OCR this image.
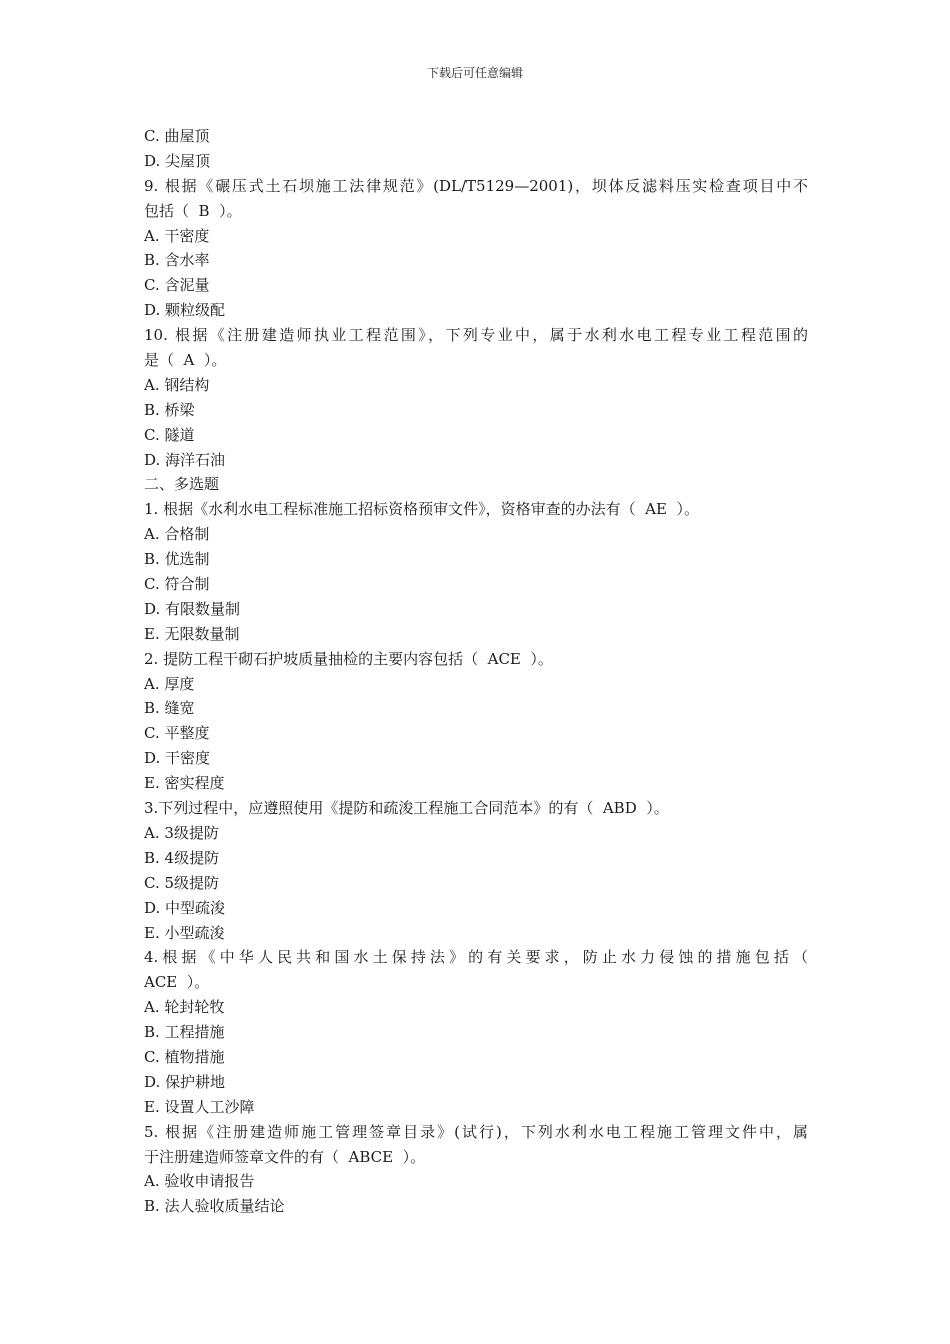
下载后可任意编辑
C. 曲屋顶
D. 尖屋顶
9. 根据《碾压式土石坝施工法律规范》(DL/T5129—2001)，坝体反滤料压实检查项目中不
包括（  B  ）。
A. 干密度
B. 含水率
C. 含泥量
D. 颗粒级配
10. 根据《注册建造师执业工程范围》，下列专业中，属于水利水电工程专业工程范围的
是（  A  ）。
A. 钢结构
B. 桥梁
C. 隧道
D. 海洋石油
二、多选题
1. 根据《水利水电工程标准施工招标资格预审文件》，资格审查的办法有（  AE  ）。
A. 合格制
B. 优选制
C. 符合制
D. 有限数量制
E. 无限数量制
2. 提防工程干砌石护坡质量抽检的主要内容包括（  ACE  ）。
A. 厚度
B. 缝宽
C. 平整度
D. 干密度
E. 密实程度
3.下列过程中，应遵照使用《提防和疏浚工程施工合同范本》的有（  ABD  ）。
A. 3级提防
B. 4级提防
C. 5级提防
D. 中型疏浚
E. 小型疏浚
4.根据《中华人民共和国水土保持法》的有关要求，防止水力侵蚀的措施包括（
ACE  ）。
A. 轮封轮牧
B. 工程措施
C. 植物措施
D. 保护耕地
E. 设置人工沙障
5. 根据《注册建造师施工管理签章目录》(试行)，下列水利水电工程施工管理文件中，属
于注册建造师签章文件的有（  ABCE  ）。
A. 验收申请报告
B. 法人验收质量结论
